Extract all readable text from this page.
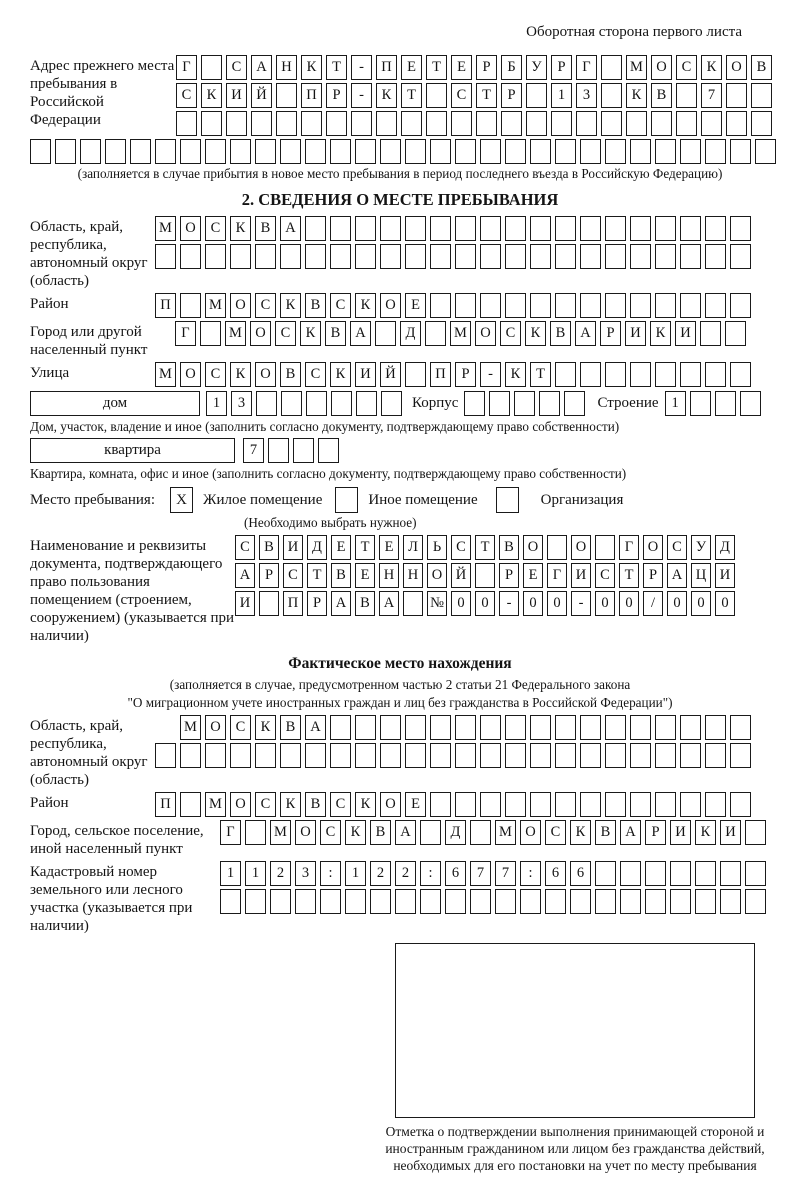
Оборотная сторона первого листа
Адрес прежнего места пребывания в Российской Федерации
Г	С	А	Н	К	Т	-	П	Е	Т	Е	Р	Б	У	Р	Г	М О	С	К	О	В
С	К	И	Й	П	Р	-	К	Т	С	Т	Р	1	3	К	В	7
(заполняется в случае прибытия в новое место пребывания в период последнего въезда в Российскую Федерацию)
2. СВЕДЕНИЯ О МЕСТЕ ПРЕБЫВАНИЯ
Область, край, республика, автономный округ (область)
М О	С	К	В	А
Район	П	М О	С	К	В	С	К	О	Е
Город или другой населенный пункт
Г	М О	С	К	В	А	Д	М О	С	К	В	А	Р	И	К	И
Улица	М О	С	К	О	В	С	К	И	Й	П	Р	-	К	Т
дом	1	3	Корпус	Строение 1
Дом, участок, владение и иное (заполнить согласно документу, подтверждающему право собственности)
квартира	7
Квартира, комната, офис и иное (заполнить согласно документу, подтверждающему право собственности)
Место пребывания:	X	Жилое помещение	Иное помещение	Организация
(Необходимо выбрать нужное)
Наименование и реквизиты документа, подтверждающего право пользования помещением (строением, сооружением) (указывается при наличии)
С В И Д	Е	Т	Е	Л	Ь	С	Т	В О	О	Г	О С У Д
А	Р	С	Т	В	Е Н Н О Й	Р	Е	Г	И С	Т	Р	А Ц И
И	П	Р	А В А	№ 0	0	-	0	0	-	0	0	/	0	0	0
Фактическое место нахождения
(заполняется в случае, предусмотренном частью 2 статьи 21 Федерального закона
"О миграционном учете иностранных граждан и лиц без гражданства в Российской Федерации")
Область, край, республика, автономный округ (область)
М О	С	К	В	А
Район	П	М О	С	К	В	С	К	О	Е
Город, сельское поселение, иной населенный пункт
Г	М О	С	К	В	А	Д	М О	С	К	В	А	Р	И	К	И
Кадастровый номер земельного или лесного участка (указывается при наличии)
1	1	2	3	:	1	2	2	:	6	7	7	:	6	6
Отметка о подтверждении выполнения принимающей стороной и иностранным гражданином или лицом без гражданства действий, необходимых для его постановки на учет по месту пребывания
